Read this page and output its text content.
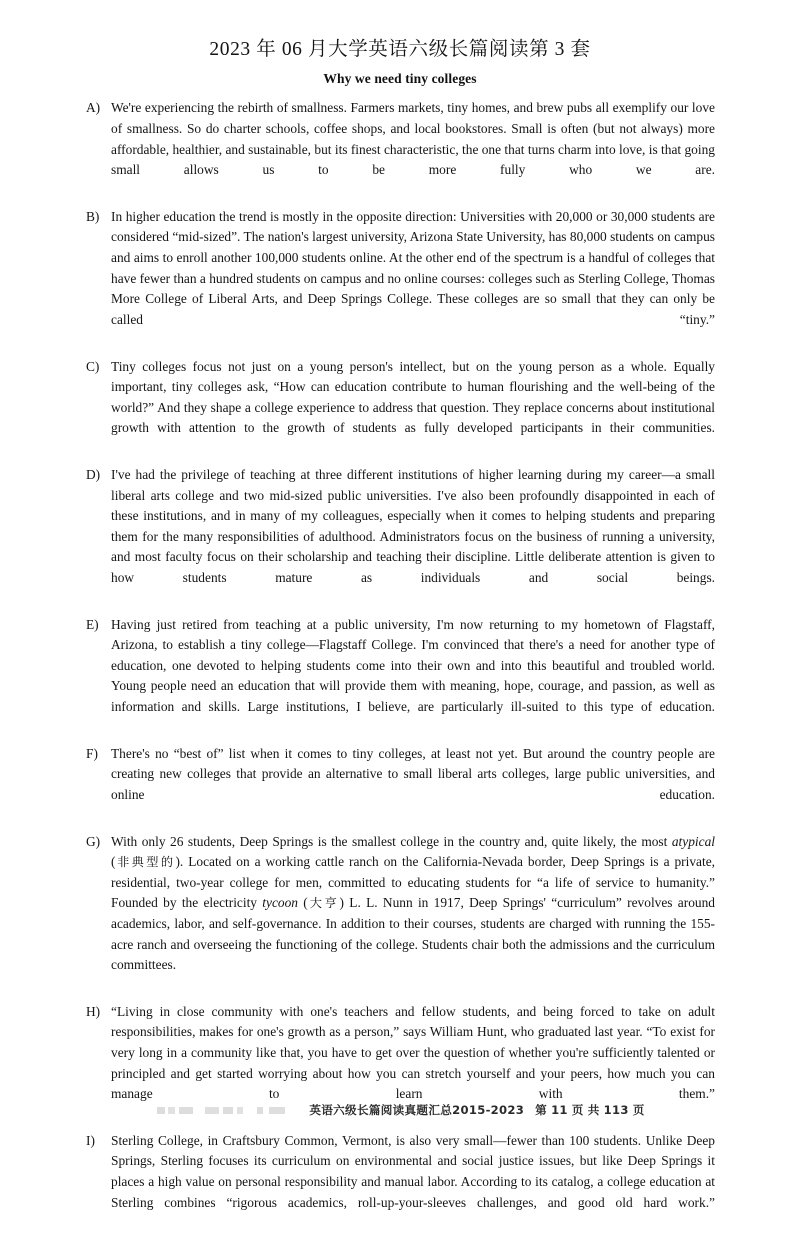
2023 年 06 月大学英语六级长篇阅读第 3 套
Why we need tiny colleges
A) We're experiencing the rebirth of smallness. Farmers markets, tiny homes, and brew pubs all exemplify our love of smallness. So do charter schools, coffee shops, and local bookstores. Small is often (but not always) more affordable, healthier, and sustainable, but its finest characteristic, the one that turns charm into love, is that going small allows us to be more fully who we are.
B) In higher education the trend is mostly in the opposite direction: Universities with 20,000 or 30,000 students are considered “mid-sized”. The nation's largest university, Arizona State University, has 80,000 students on campus and aims to enroll another 100,000 students online. At the other end of the spectrum is a handful of colleges that have fewer than a hundred students on campus and no online courses: colleges such as Sterling College, Thomas More College of Liberal Arts, and Deep Springs College. These colleges are so small that they can only be called “tiny.”
C) Tiny colleges focus not just on a young person's intellect, but on the young person as a whole. Equally important, tiny colleges ask, “How can education contribute to human flourishing and the well-being of the world?” And they shape a college experience to address that question. They replace concerns about institutional growth with attention to the growth of students as fully developed participants in their communities.
D) I've had the privilege of teaching at three different institutions of higher learning during my career—a small liberal arts college and two mid-sized public universities. I've also been profoundly disappointed in each of these institutions, and in many of my colleagues, especially when it comes to helping students and preparing them for the many responsibilities of adulthood. Administrators focus on the business of running a university, and most faculty focus on their scholarship and teaching their discipline. Little deliberate attention is given to how students mature as individuals and social beings.
E) Having just retired from teaching at a public university, I'm now returning to my hometown of Flagstaff, Arizona, to establish a tiny college—Flagstaff College. I'm convinced that there's a need for another type of education, one devoted to helping students come into their own and into this beautiful and troubled world. Young people need an education that will provide them with meaning, hope, courage, and passion, as well as information and skills. Large institutions, I believe, are particularly ill-suited to this type of education.
F) There's no “best of” list when it comes to tiny colleges, at least not yet. But around the country people are creating new colleges that provide an alternative to small liberal arts colleges, large public universities, and online education.
G) With only 26 students, Deep Springs is the smallest college in the country and, quite likely, the most atypical (非典型的). Located on a working cattle ranch on the California-Nevada border, Deep Springs is a private, residential, two-year college for men, committed to educating students for “a life of service to humanity.” Founded by the electricity tycoon (大亨) L. L. Nunn in 1917, Deep Springs' “curriculum” revolves around academics, labor, and self-governance. In addition to their courses, students are charged with running the 155-acre ranch and overseeing the functioning of the college. Students chair both the admissions and the curriculum committees.
H) “Living in close community with one's teachers and fellow students, and being forced to take on adult responsibilities, makes for one's growth as a person,” says William Hunt, who graduated last year. “To exist for very long in a community like that, you have to get over the question of whether you're sufficiently talented or principled and get started worrying about how you can stretch yourself and your peers, how much you can manage to learn with them.”
I)	Sterling College, in Craftsbury Common, Vermont, is also very small—fewer than 100 students. Unlike Deep Springs, Sterling focuses its curriculum on environmental and social justice issues, but like Deep Springs it places a high value on personal responsibility and manual labor. According to its catalog, a college education at Sterling combines “rigorous academics, roll-up-your-sleeves challenges, and good old hard work.”
英语六级长篇阅读真题汇总2015-2023 第 11 页 共 113 页
